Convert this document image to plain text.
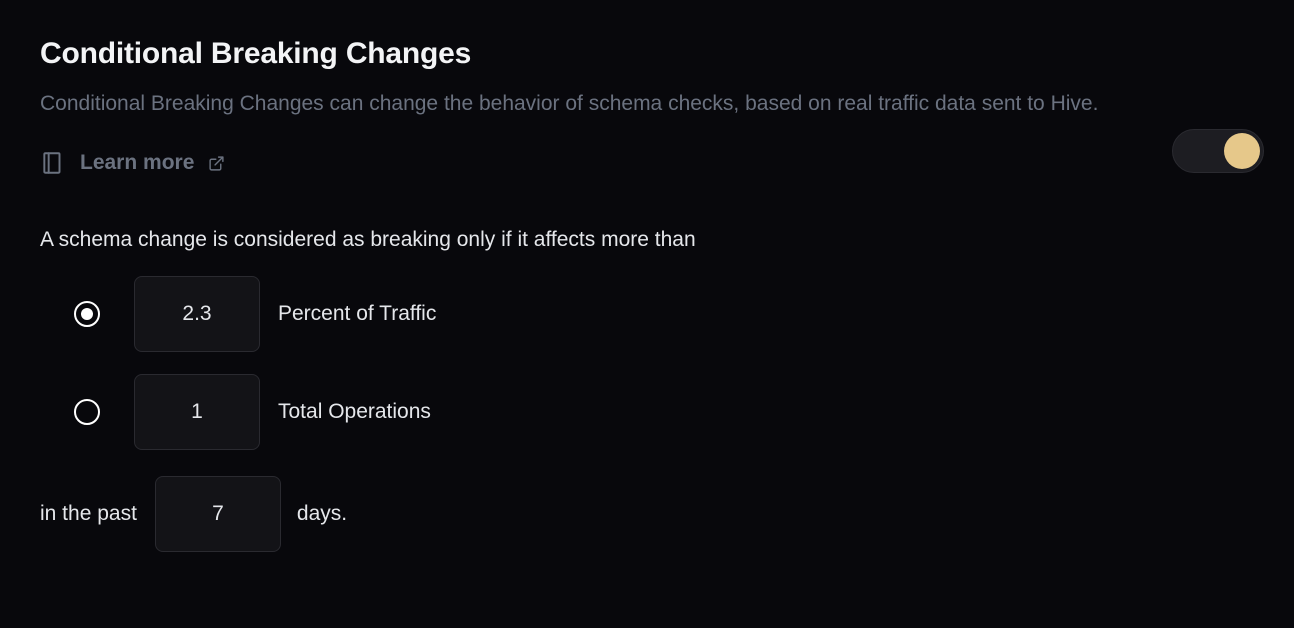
Conditional Breaking Changes
Conditional Breaking Changes can change the behavior of schema checks, based on real traffic data sent to Hive.
Learn more
A schema change is considered as breaking only if it affects more than
2.3	Percent of Traffic
1	Total Operations
in the past	7	days.
